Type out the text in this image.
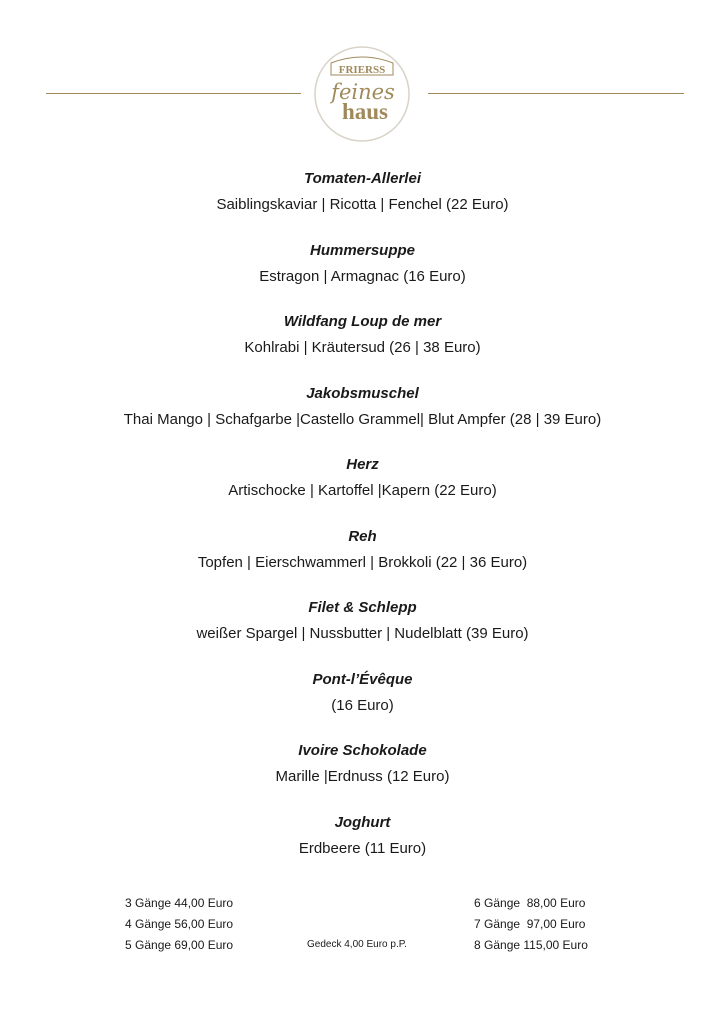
FRIERSS
feines
haus
Tomaten-Allerlei
Saiblingskaviar | Ricotta | Fenchel (22 Euro)
Hummersuppe
Estragon | Armagnac (16 Euro)
Wildfang Loup de mer
Kohlrabi | Kräutersud (26 | 38 Euro)
Jakobsmuschel
Thai Mango | Schafgarbe |Castello Grammel| Blut Ampfer (28 | 39 Euro)
Herz
Artischocke | Kartoffel |Kapern (22 Euro)
Reh
Topfen | Eierschwammerl | Brokkoli (22 | 36 Euro)
Filet & Schlepp
weißer Spargel | Nussbutter | Nudelblatt (39 Euro)
Pont-l’Évêque
(16 Euro)
Ivoire Schokolade
Marille |Erdnuss (12 Euro)
Joghurt
Erdbeere (11 Euro)
3 Gänge 44,00 Euro
4 Gänge 56,00 Euro
5 Gänge 69,00 Euro	Gedeck 4,00 Euro p.P.
6 Gänge  88,00 Euro
7 Gänge  97,00 Euro
8 Gänge 115,00 Euro
